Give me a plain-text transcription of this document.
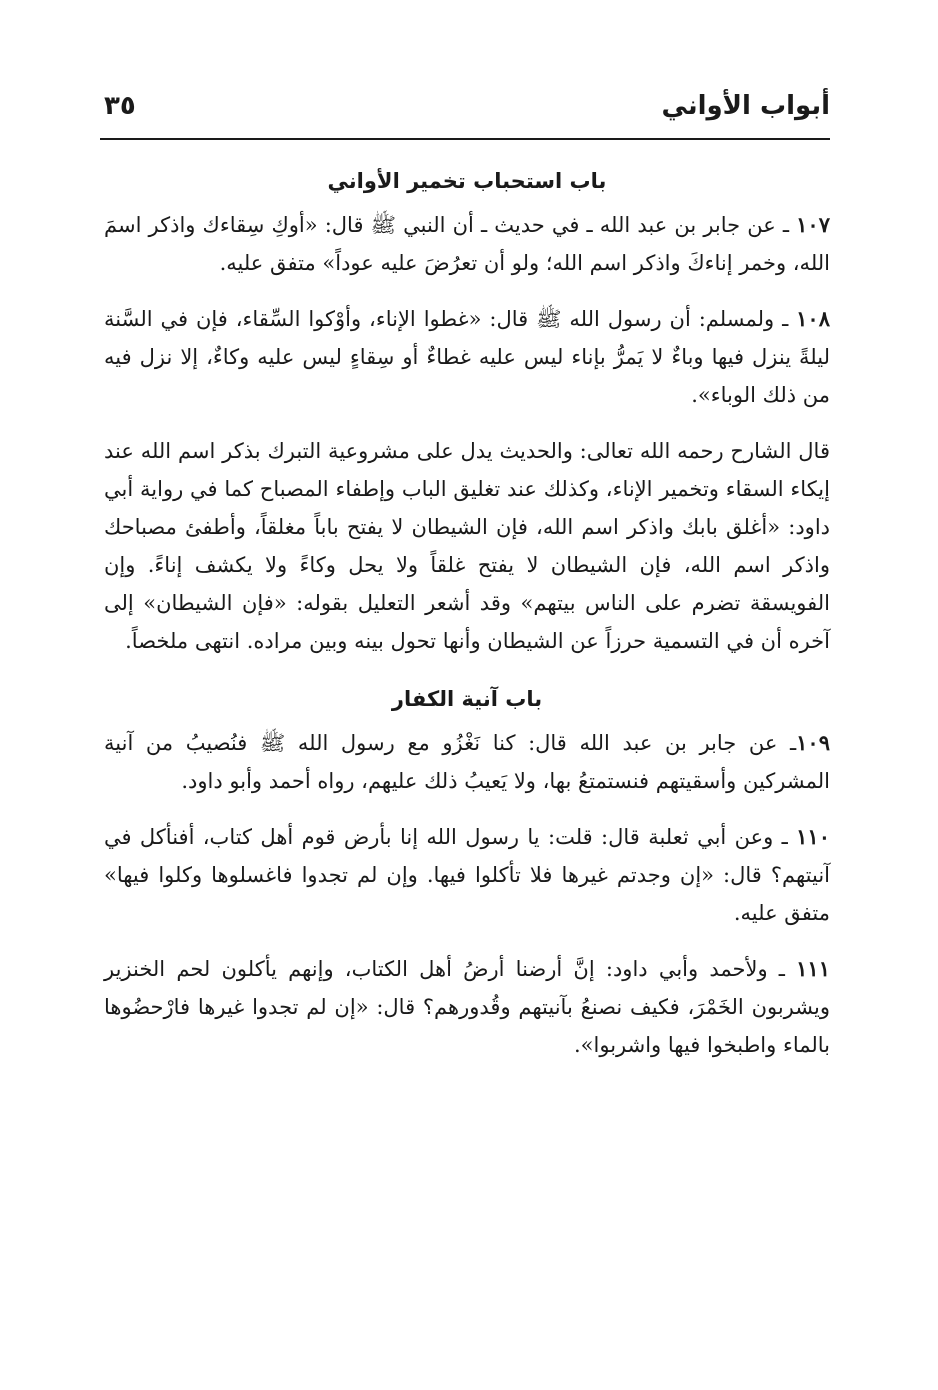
أبواب الأواني
٣٥
باب استحباب تخمير الأواني

١٠٧ ـ عن جابر بن عبد الله ـ في حديث ـ أن النبي ﷺ قال: «أوكِ سِقاءك واذكر اسمَ الله، وخمر إناءكَ واذكر اسم الله؛ ولو أن تعرُضَ عليه عوداً» متفق عليه.

١٠٨ ـ ولمسلم: أن رسول الله ﷺ قال: «غطوا الإناء، وأوْكوا السِّقاء، فإن في السَّنة ليلةً ينزل فيها وباءٌ لا يَمرُّ بإناء ليس عليه غطاءٌ أو سِقاءٍ ليس عليه وكاءٌ، إلا نزل فيه من ذلك الوباء».

قال الشارح رحمه الله تعالى: والحديث يدل على مشروعية التبرك بذكر اسم الله عند إيكاء السقاء وتخمير الإناء، وكذلك عند تغليق الباب وإطفاء المصباح كما في رواية أبي داود: «أغلق بابك واذكر اسم الله، فإن الشيطان لا يفتح باباً مغلقاً، وأطفئ مصباحك واذكر اسم الله، فإن الشيطان لا يفتح غلقاً ولا يحل وكاءً ولا يكشف إناءً. وإن الفويسقة تضرم على الناس بيتهم» وقد أشعر التعليل بقوله: «فإن الشيطان» إلى آخره أن في التسمية حرزاً عن الشيطان وأنها تحول بينه وبين مراده. انتهى ملخصاً.

باب آنية الكفار

١٠٩ـ عن جابر بن عبد الله قال: كنا نَغْزُو مع رسول الله ﷺ فنُصيبُ من آنية المشركين وأسقيتهم فنستمتعُ بها، ولا يَعيبُ ذلك عليهم، رواه أحمد وأبو داود.

١١٠ ـ وعن أبي ثعلبة قال: قلت: يا رسول الله إنا بأرض قوم أهل كتاب، أفنأكل في آنيتهم؟ قال: «إن وجدتم غيرها فلا تأكلوا فيها. وإن لم تجدوا فاغسلوها وكلوا فيها» متفق عليه.

١١١ ـ ولأحمد وأبي داود: إنَّ أرضنا أرضُ أهل الكتاب، وإنهم يأكلون لحم الخنزير ويشربون الخَمْرَ، فكيف نصنعُ بآنيتهم وقُدورهم؟ قال: «إن لم تجدوا غيرها فارْحضُوها بالماء واطبخوا فيها واشربوا».
